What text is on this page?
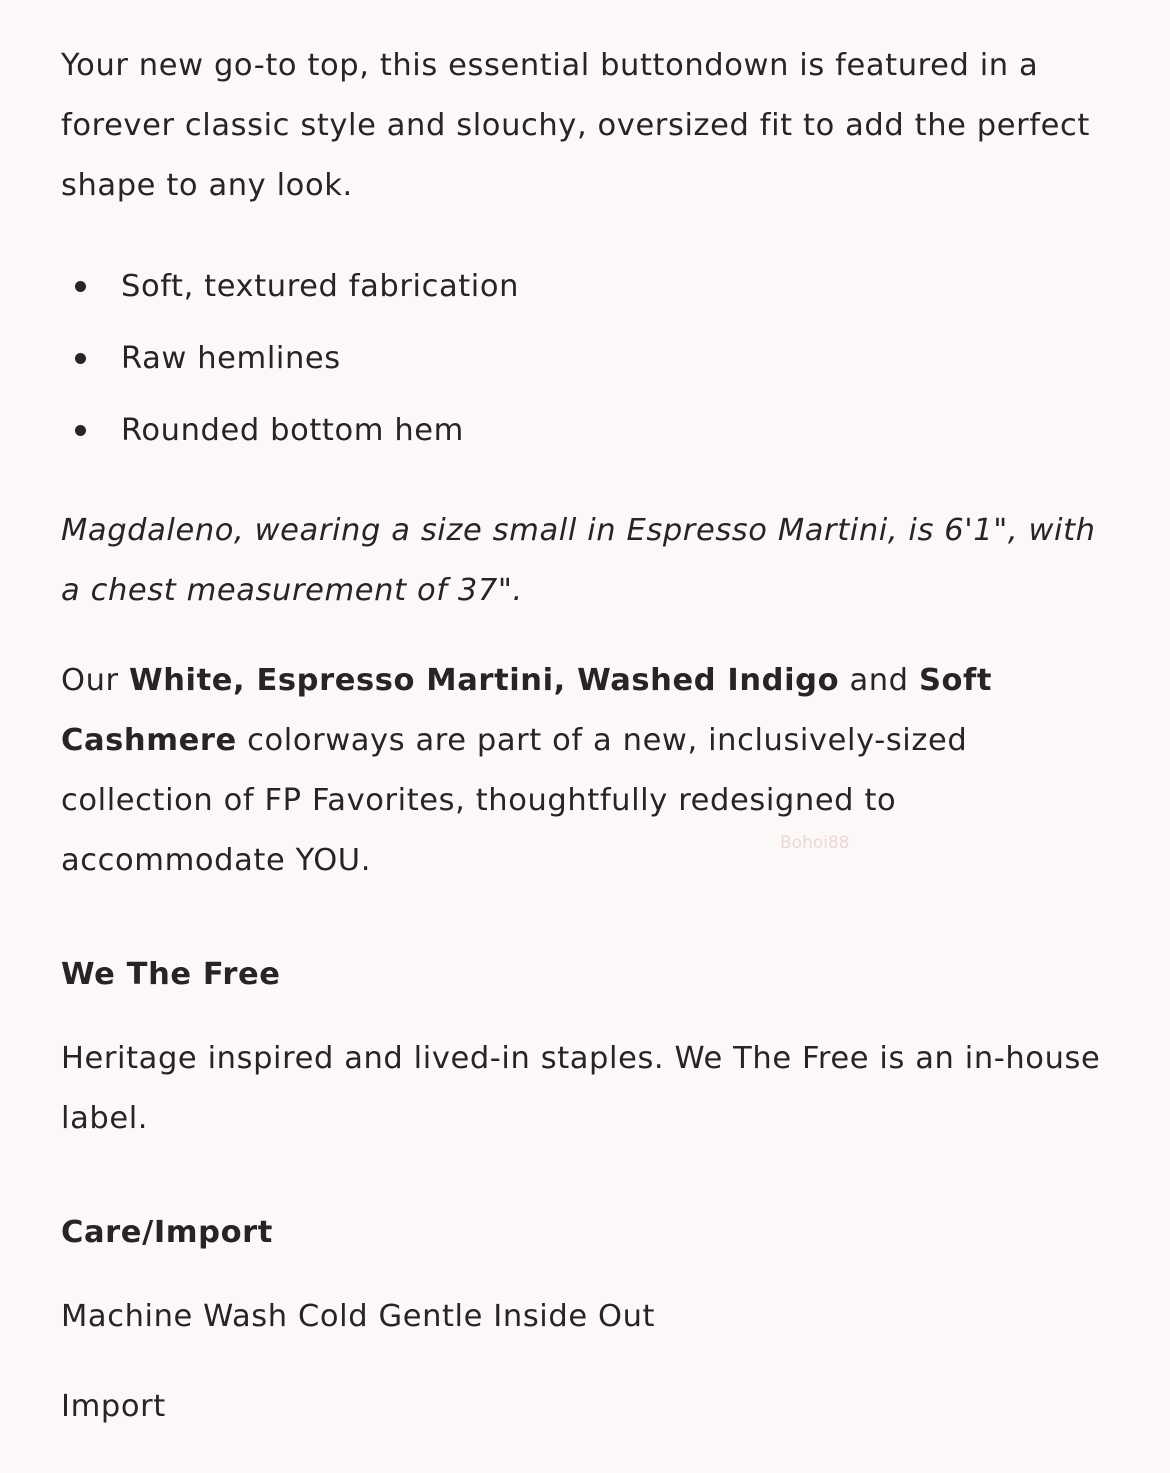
Your new go-to top, this essential buttondown is featured in a forever classic style and slouchy, oversized fit to add the perfect shape to any look.

Soft, textured fabrication
Raw hemlines
Rounded bottom hem

Magdaleno, wearing a size small in Espresso Martini, is 6'1", with a chest measurement of 37".

Our White, Espresso Martini, Washed Indigo and Soft Cashmere colorways are part of a new, inclusively-sized collection of FP Favorites, thoughtfully redesigned to accommodate YOU.

We The Free

Heritage inspired and lived-in staples. We The Free is an in-house label.

Care/Import

Machine Wash Cold Gentle Inside Out

Import

Bohoi88
